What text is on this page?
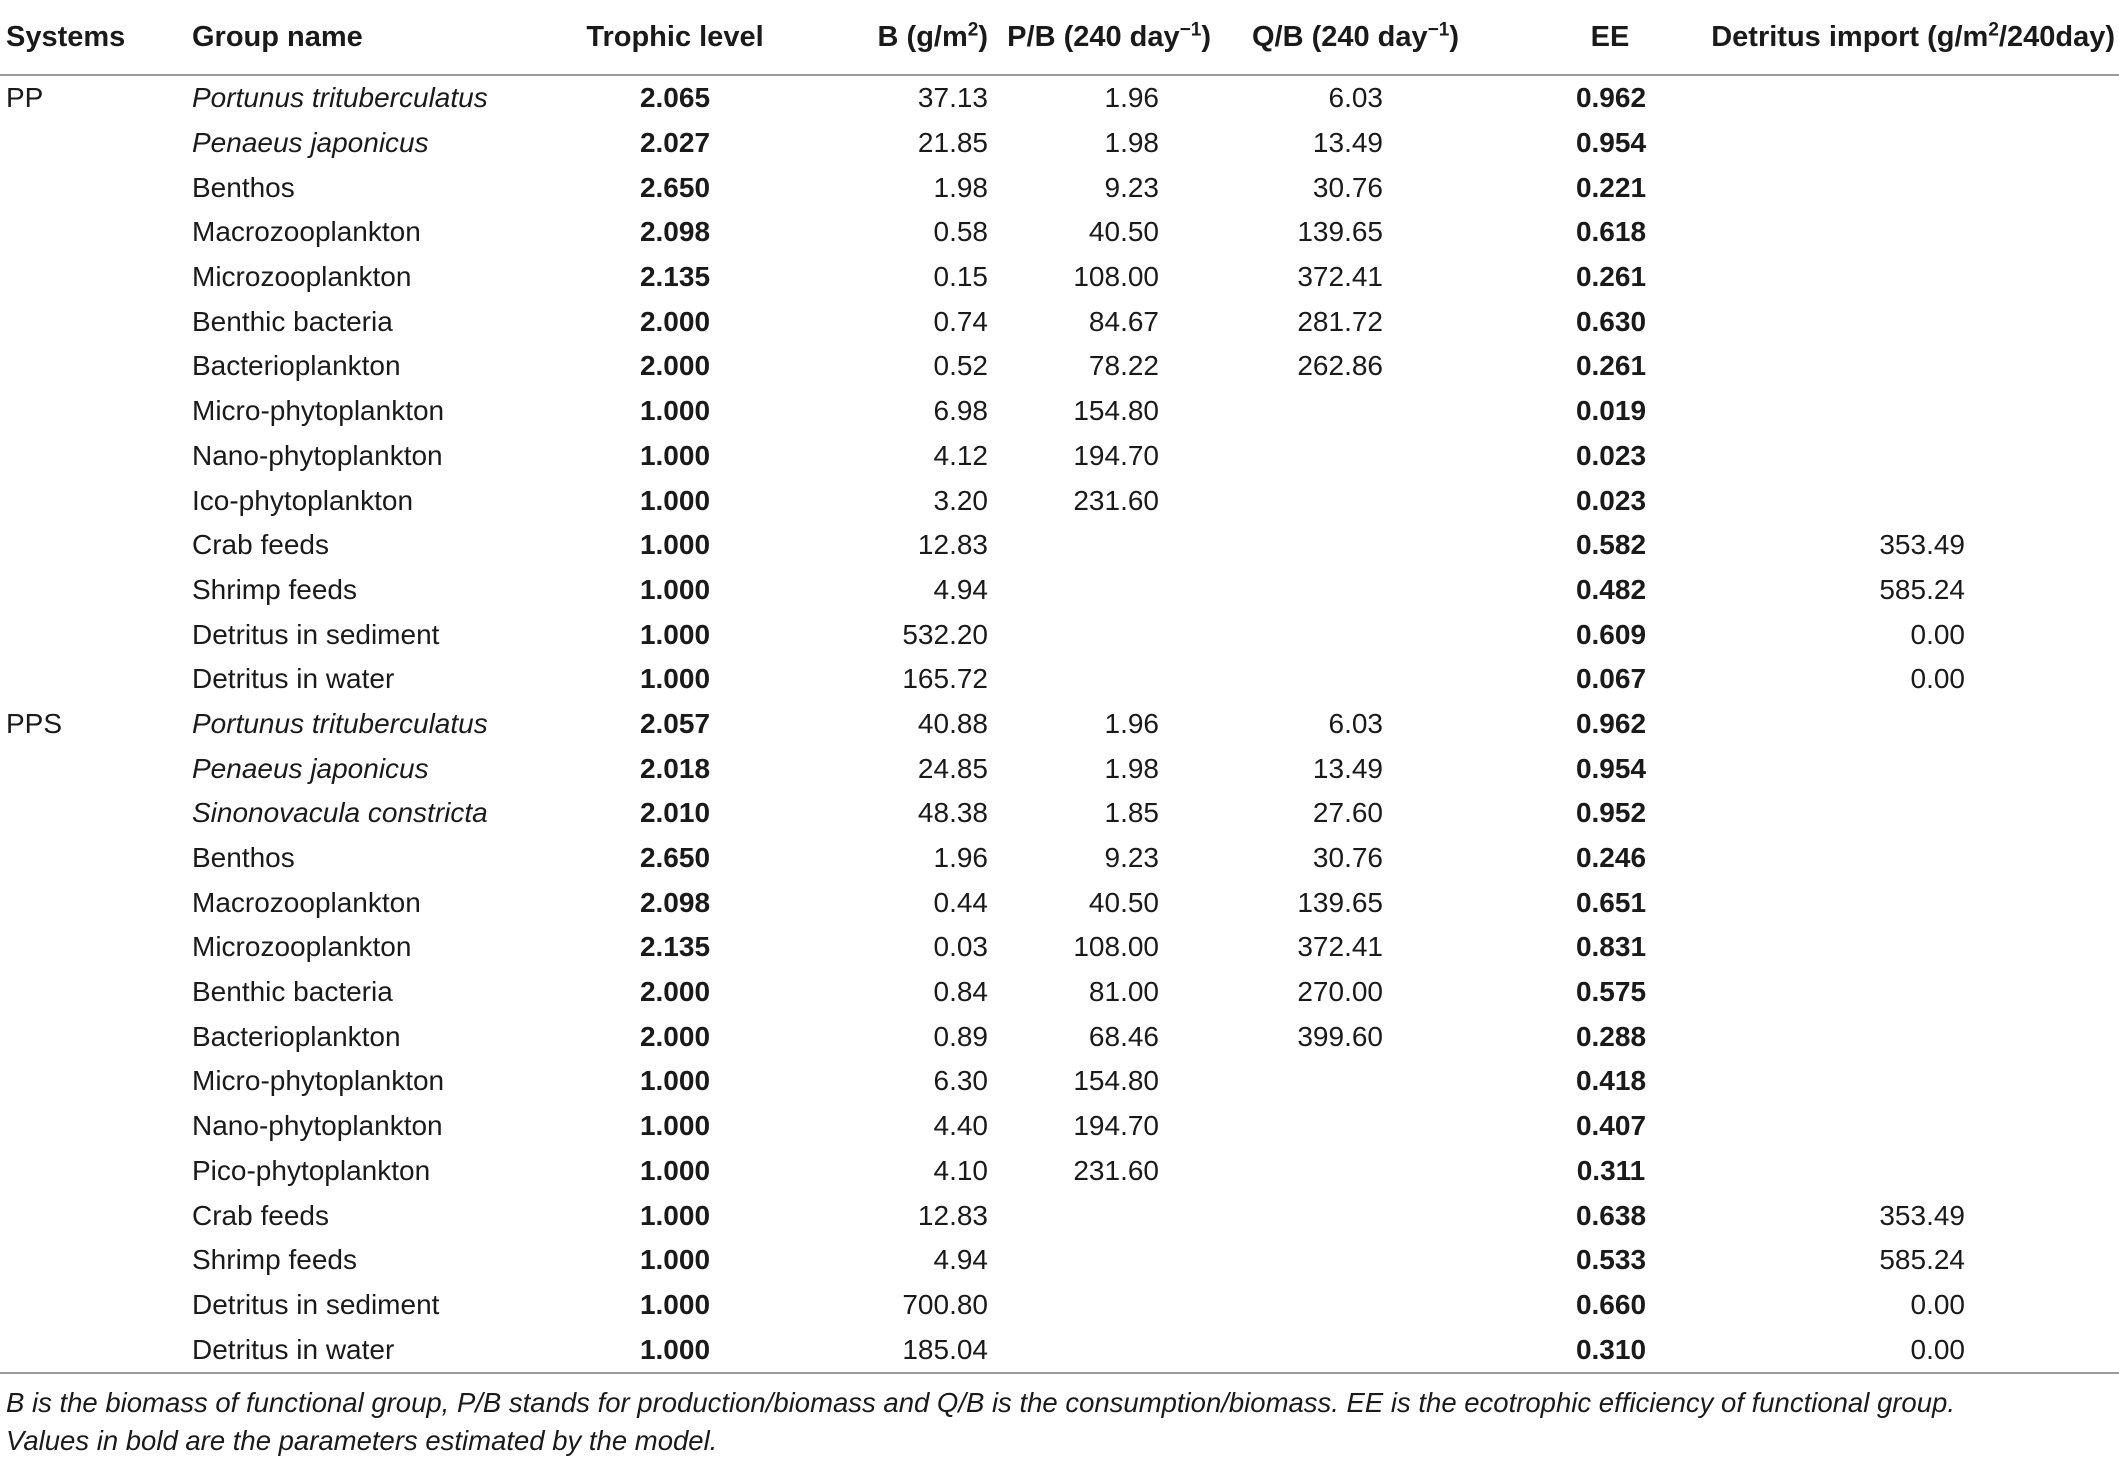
Systems	Group name	Trophic level	B $(g/m^2)$	P/B (240 day$^{-1}$)	Q/B (240 day$^{-1}$)	EE	Detritus import $(g/m^2/240day)$
PP	Portunus trituberculatus	2.065	37.13	1.96	6.03	0.962	
	Penaeus japonicus	2.027	21.85	1.98	13.49	0.954	
	Benthos	2.650	1.98	9.23	30.76	0.221	
	Macrozooplankton	2.098	0.58	40.50	139.65	0.618	
	Microzooplankton	2.135	0.15	108.00	372.41	0.261	
	Benthic bacteria	2.000	0.74	84.67	281.72	0.630	
	Bacterioplankton	2.000	0.52	78.22	262.86	0.261	
	Micro-phytoplankton	1.000	6.98	154.80		0.019	
	Nano-phytoplankton	1.000	4.12	194.70		0.023	
	Ico-phytoplankton	1.000	3.20	231.60		0.023	
	Crab feeds	1.000	12.83			0.582	353.49
	Shrimp feeds	1.000	4.94			0.482	585.24
	Detritus in sediment	1.000	532.20			0.609	0.00
	Detritus in water	1.000	165.72			0.067	0.00
PPS	Portunus trituberculatus	2.057	40.88	1.96	6.03	0.962	
	Penaeus japonicus	2.018	24.85	1.98	13.49	0.954	
	Sinonovacula constricta	2.010	48.38	1.85	27.60	0.952	
	Benthos	2.650	1.96	9.23	30.76	0.246	
	Macrozooplankton	2.098	0.44	40.50	139.65	0.651	
	Microzooplankton	2.135	0.03	108.00	372.41	0.831	
	Benthic bacteria	2.000	0.84	81.00	270.00	0.575	
	Bacterioplankton	2.000	0.89	68.46	399.60	0.288	
	Micro-phytoplankton	1.000	6.30	154.80		0.418	
	Nano-phytoplankton	1.000	4.40	194.70		0.407	
	Pico-phytoplankton	1.000	4.10	231.60		0.311	
	Crab feeds	1.000	12.83			0.638	353.49
	Shrimp feeds	1.000	4.94			0.533	585.24
	Detritus in sediment	1.000	700.80			0.660	0.00
	Detritus in water	1.000	185.04			0.310	0.00
B is the biomass of functional group, P/B stands for production/biomass and Q/B is the consumption/biomass. EE is the ecotrophic efficiency of functional group.
Values in bold are the parameters estimated by the model.
